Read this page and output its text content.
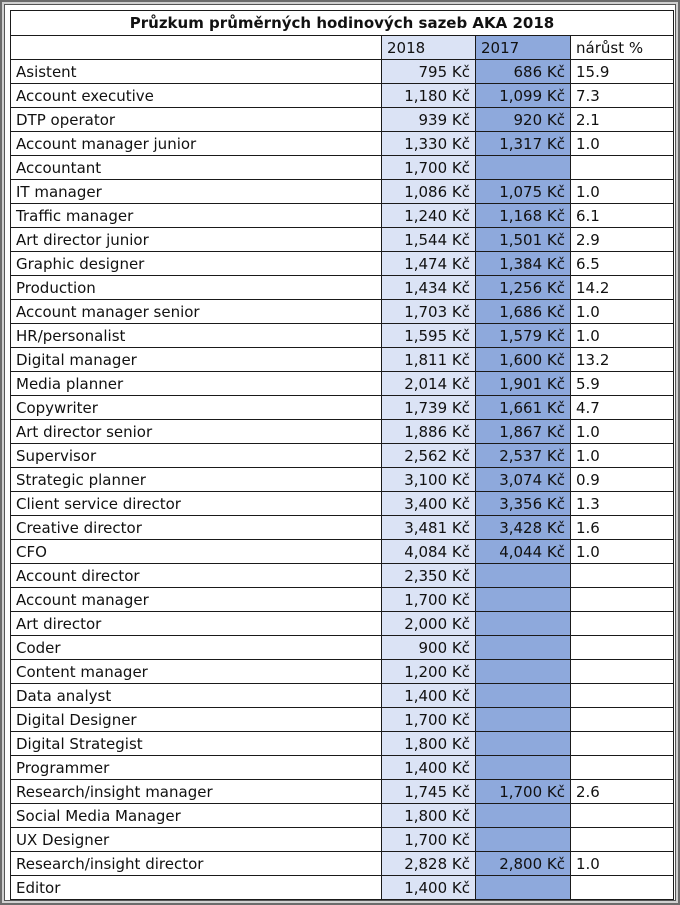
Průzkum průměrných hodinových sazeb AKA 2018			
	2018	2017	nárůst %
Asistent	795 Kč	686 Kč	15.9
Account executive	1,180 Kč	1,099 Kč	7.3
DTP operator	939 Kč	920 Kč	2.1
Account manager junior	1,330 Kč	1,317 Kč	1.0
Accountant	1,700 Kč		
IT manager	1,086 Kč	1,075 Kč	1.0
Traffic manager	1,240 Kč	1,168 Kč	6.1
Art director junior	1,544 Kč	1,501 Kč	2.9
Graphic designer	1,474 Kč	1,384 Kč	6.5
Production	1,434 Kč	1,256 Kč	14.2
Account manager senior	1,703 Kč	1,686 Kč	1.0
HR/personalist	1,595 Kč	1,579 Kč	1.0
Digital manager	1,811 Kč	1,600 Kč	13.2
Media planner	2,014 Kč	1,901 Kč	5.9
Copywriter	1,739 Kč	1,661 Kč	4.7
Art director senior	1,886 Kč	1,867 Kč	1.0
Supervisor	2,562 Kč	2,537 Kč	1.0
Strategic planner	3,100 Kč	3,074 Kč	0.9
Client service director	3,400 Kč	3,356 Kč	1.3
Creative director	3,481 Kč	3,428 Kč	1.6
CFO	4,084 Kč	4,044 Kč	1.0
Account director	2,350 Kč		
Account manager	1,700 Kč		
Art director	2,000 Kč		
Coder	900 Kč		
Content manager	1,200 Kč		
Data analyst	1,400 Kč		
Digital Designer	1,700 Kč		
Digital Strategist	1,800 Kč		
Programmer	1,400 Kč		
Research/insight manager	1,745 Kč	1,700 Kč	2.6
Social Media Manager	1,800 Kč		
UX Designer	1,700 Kč		
Research/insight director	2,828 Kč	2,800 Kč	1.0
Editor	1,400 Kč		
